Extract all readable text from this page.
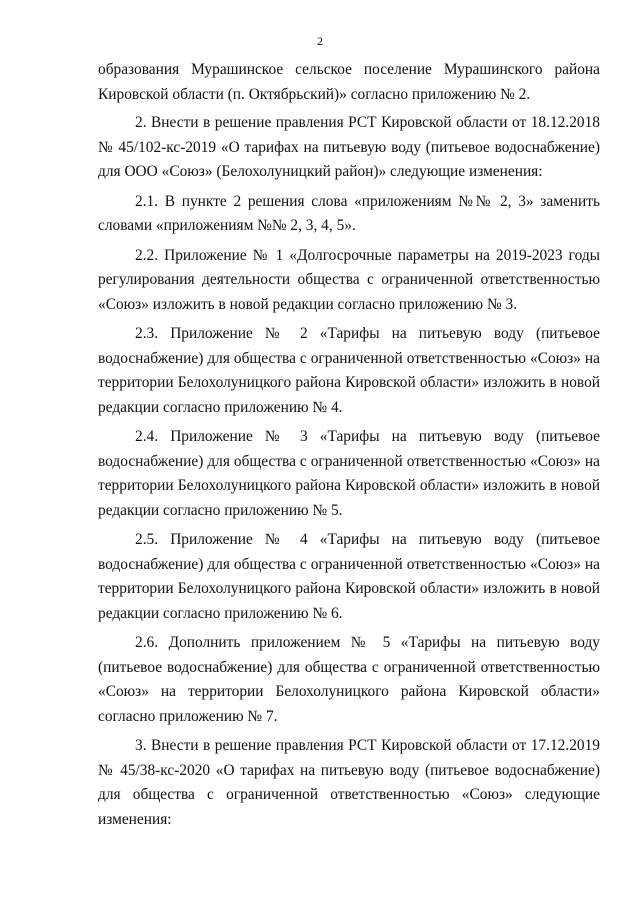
2

образования Мурашинское сельское поселение Мурашинского района Кировской области (п. Октябрьский)» согласно приложению № 2.

2. Внести в решение правления РСТ Кировской области от 18.12.2018 № 45/102-кс-2019 «О тарифах на питьевую воду (питьевое водоснабжение) для ООО «Союз» (Белохолуницкий район)» следующие изменения:

2.1. В пункте 2 решения слова «приложениям №№ 2, 3» заменить словами «приложениям №№ 2, 3, 4, 5».

2.2. Приложение № 1 «Долгосрочные параметры на 2019-2023 годы регулирования деятельности общества с ограниченной ответственностью «Союз» изложить в новой редакции согласно приложению № 3.

2.3. Приложение № 2 «Тарифы на питьевую воду (питьевое водоснабжение) для общества с ограниченной ответственностью «Союз» на территории Белохолуницкого района Кировской области» изложить в новой редакции согласно приложению № 4.

2.4. Приложение № 3 «Тарифы на питьевую воду (питьевое водоснабжение) для общества с ограниченной ответственностью «Союз» на территории Белохолуницкого района Кировской области» изложить в новой редакции согласно приложению № 5.

2.5. Приложение № 4 «Тарифы на питьевую воду (питьевое водоснабжение) для общества с ограниченной ответственностью «Союз» на территории Белохолуницкого района Кировской области» изложить в новой редакции согласно приложению № 6.

2.6. Дополнить приложением № 5 «Тарифы на питьевую воду (питьевое водоснабжение) для общества с ограниченной ответственностью «Союз» на территории Белохолуницкого района Кировской области» согласно приложению № 7.

3. Внести в решение правления РСТ Кировской области от 17.12.2019 № 45/38-кс-2020 «О тарифах на питьевую воду (питьевое водоснабжение) для общества с ограниченной ответственностью «Союз» следующие изменения:
